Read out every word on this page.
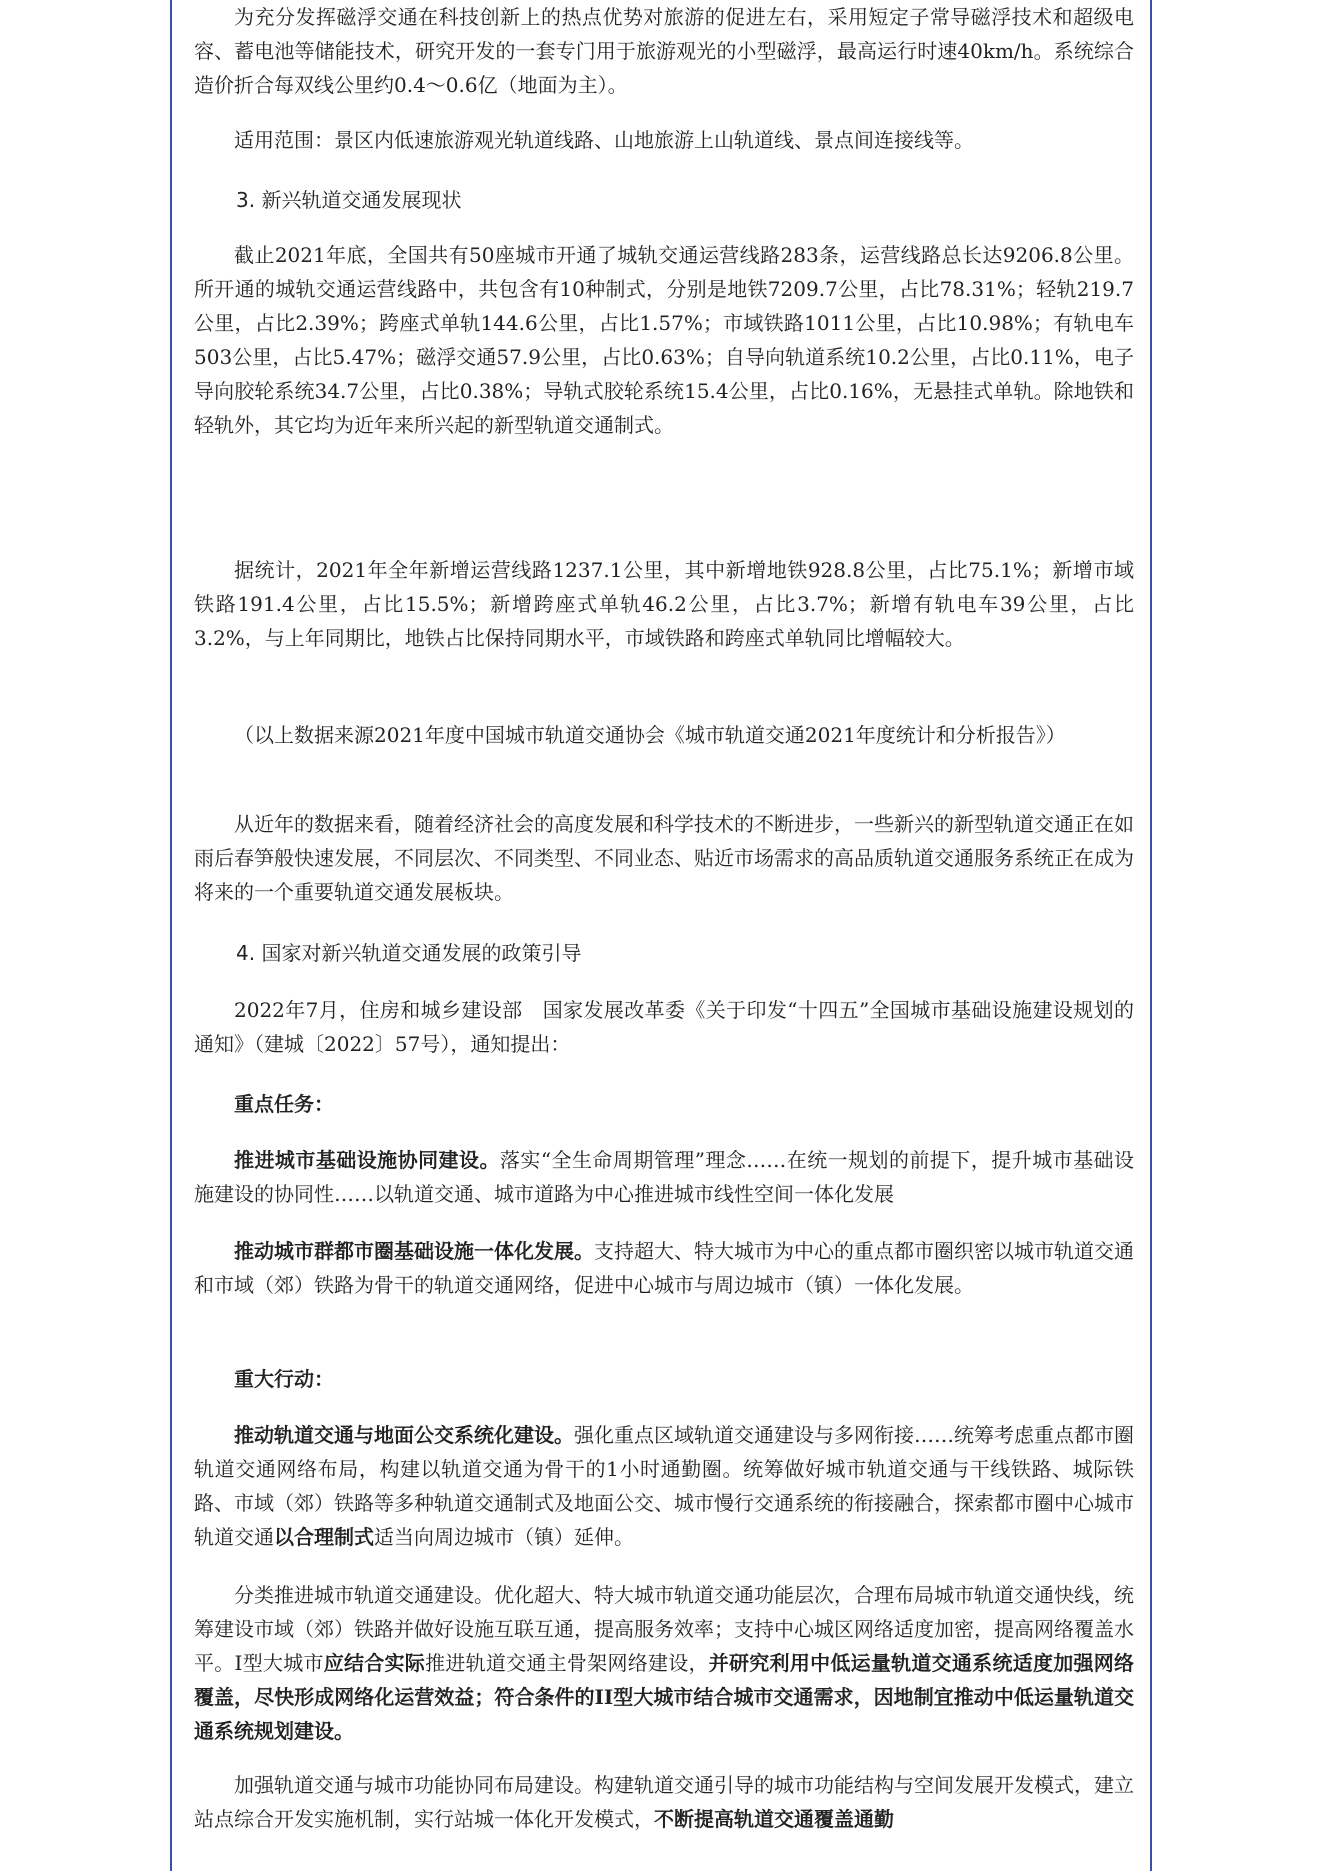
为充分发挥磁浮交通在科技创新上的热点优势对旅游的促进左右，采用短定子常导磁浮技术和超级电容、蓄电池等储能技术，研究开发的一套专门用于旅游观光的小型磁浮，最高运行时速40km/h。系统综合造价折合每双线公里约0.4～0.6亿（地面为主）。

适用范围：景区内低速旅游观光轨道线路、山地旅游上山轨道线、景点间连接线等。

3. 新兴轨道交通发展现状

截止2021年底，全国共有50座城市开通了城轨交通运营线路283条，运营线路总长达9206.8公里。所开通的城轨交通运营线路中，共包含有10种制式，分别是地铁7209.7公里，占比78.31%；轻轨219.7公里，占比2.39%；跨座式单轨144.6公里，占比1.57%；市域铁路1011公里，占比10.98%；有轨电车503公里，占比5.47%；磁浮交通57.9公里，占比0.63%；自导向轨道系统10.2公里，占比0.11%，电子导向胶轮系统34.7公里，占比0.38%；导轨式胶轮系统15.4公里，占比0.16%，无悬挂式单轨。除地铁和轻轨外，其它均为近年来所兴起的新型轨道交通制式。

据统计，2021年全年新增运营线路1237.1公里，其中新增地铁928.8公里，占比75.1%；新增市域铁路191.4公里，占比15.5%；新增跨座式单轨46.2公里，占比3.7%；新增有轨电车39公里，占比3.2%，与上年同期比，地铁占比保持同期水平，市域铁路和跨座式单轨同比增幅较大。

（以上数据来源2021年度中国城市轨道交通协会《城市轨道交通2021年度统计和分析报告》）

从近年的数据来看，随着经济社会的高度发展和科学技术的不断进步，一些新兴的新型轨道交通正在如雨后春笋般快速发展，不同层次、不同类型、不同业态、贴近市场需求的高品质轨道交通服务系统正在成为将来的一个重要轨道交通发展板块。

4. 国家对新兴轨道交通发展的政策引导

2022年7月，住房和城乡建设部　国家发展改革委《关于印发“十四五”全国城市基础设施建设规划的通知》（建城〔2022〕57号），通知提出：

重点任务：

推进城市基础设施协同建设。落实“全生命周期管理”理念……在统一规划的前提下，提升城市基础设施建设的协同性……以轨道交通、城市道路为中心推进城市线性空间一体化发展

推动城市群都市圈基础设施一体化发展。支持超大、特大城市为中心的重点都市圈织密以城市轨道交通和市域（郊）铁路为骨干的轨道交通网络，促进中心城市与周边城市（镇）一体化发展。

重大行动：

推动轨道交通与地面公交系统化建设。强化重点区域轨道交通建设与多网衔接……统筹考虑重点都市圈轨道交通网络布局，构建以轨道交通为骨干的1小时通勤圈。统筹做好城市轨道交通与干线铁路、城际铁路、市域（郊）铁路等多种轨道交通制式及地面公交、城市慢行交通系统的衔接融合，探索都市圈中心城市轨道交通以合理制式适当向周边城市（镇）延伸。

分类推进城市轨道交通建设。优化超大、特大城市轨道交通功能层次，合理布局城市轨道交通快线，统筹建设市域（郊）铁路并做好设施互联互通，提高服务效率；支持中心城区网络适度加密，提高网络覆盖水平。I型大城市应结合实际推进轨道交通主骨架网络建设，并研究利用中低运量轨道交通系统适度加强网络覆盖，尽快形成网络化运营效益；符合条件的II型大城市结合城市交通需求，因地制宜推动中低运量轨道交通系统规划建设。

加强轨道交通与城市功能协同布局建设。构建轨道交通引导的城市功能结构与空间发展开发模式，建立站点综合开发实施机制，实行站城一体化开发模式，不断提高轨道交通覆盖通勤
